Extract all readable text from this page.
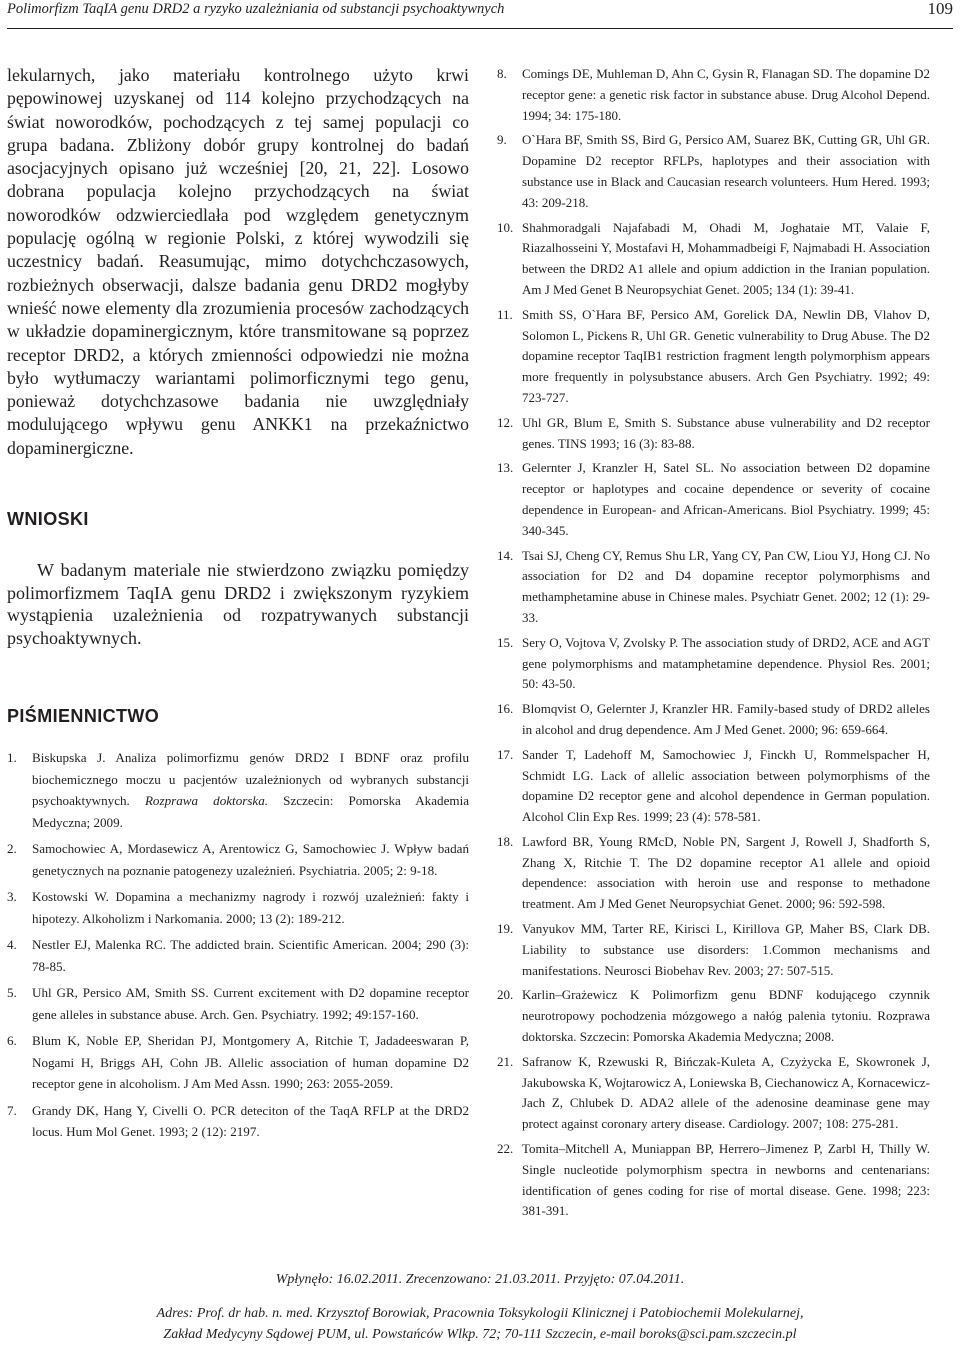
Polimorfizm TaqIA genu DRD2 a ryzyko uzależniania od substancji psychoaktywnych	109

lekularnych, jako materiału kontrolnego użyto krwi pępowinowej uzyskanej od 114 kolejno przychodzących na świat noworodków, pochodzących z tej samej populacji co grupa badana. Zbliżony dobór grupy kontrolnej do badań asocjacyjnych opisano już wcześniej [20, 21, 22]. Losowo dobrana populacja kolejno przychodzących na świat noworodków odzwierciedlała pod względem genetycznym populację ogólną w regionie Polski, z której wywodzili się uczestnicy badań. Reasumując, mimo dotychchczasowych, rozbieżnych obserwacji, dalsze badania genu DRD2 mogłyby wnieść nowe elementy dla zrozumienia procesów zachodzących w układzie dopaminergicznym, które transmitowane są poprzez receptor DRD2, a których zmienności odpowiedzi nie można było wytłumaczy wariantami polimorficznymi tego genu, ponieważ dotychchzasowe badania nie uwzględniały modulującego wpływu genu ANKK1 na przekaźnictwo dopaminergiczne.

WNIOSKI

W badanym materiale nie stwierdzono związku pomiędzy polimorfizmem TaqIA genu DRD2 i zwiększonym ryzykiem wystąpienia uzależnienia od rozpatrywanych substancji psychoaktywnych.

PIŚMIENNICTWO
1. Biskupska J. Analiza polimorfizmu genów DRD2 I BDNF oraz profilu biochemicznego moczu u pacjentów uzależnionych od wybranych substancji psychoaktywnych. Rozprawa doktorska. Szczecin: Pomorska Akademia Medyczna; 2009.
2. Samochowiec A, Mordasewicz A, Arentowicz G, Samochowiec J. Wpływ badań genetycznych na poznanie patogenezy uzależnień. Psychiatria. 2005; 2: 9-18.
3. Kostowski W. Dopamina a mechanizmy nagrody i rozwój uzależnień: fakty i hipotezy. Alkoholizm i Narkomania. 2000; 13 (2): 189-212.
4. Nestler EJ, Malenka RC. The addicted brain. Scientific American. 2004; 290 (3): 78-85.
5. Uhl GR, Persico AM, Smith SS. Current excitement with D2 dopamine receptor gene alleles in substance abuse. Arch. Gen. Psychiatry. 1992; 49:157-160.
6. Blum K, Noble EP, Sheridan PJ, Montgomery A, Ritchie T, Jadadeeswaran P, Nogami H, Briggs AH, Cohn JB. Allelic association of human dopamine D2 receptor gene in alcoholism. J Am Med Assn. 1990; 263: 2055-2059.
7. Grandy DK, Hang Y, Civelli O. PCR deteciton of the TaqA RFLP at the DRD2 locus. Hum Mol Genet. 1993; 2 (12): 2197.
8. Comings DE, Muhleman D, Ahn C, Gysin R, Flanagan SD. The dopamine D2 receptor gene: a genetic risk factor in substance abuse. Drug Alcohol Depend. 1994; 34: 175-180.
9. O`Hara BF, Smith SS, Bird G, Persico AM, Suarez BK, Cutting GR, Uhl GR. Dopamine D2 receptor RFLPs, haplotypes and their association with substance use in Black and Caucasian research volunteers. Hum Hered. 1993; 43: 209-218.
10. Shahmoradgali Najafabadi M, Ohadi M, Joghataie MT, Valaie F, Riazalhosseini Y, Mostafavi H, Mohammadbeigi F, Najmabadi H. Association between the DRD2 A1 allele and opium addiction in the Iranian population. Am J Med Genet B Neuropsychiat Genet. 2005; 134 (1): 39-41.
11. Smith SS, O`Hara BF, Persico AM, Gorelick DA, Newlin DB, Vlahov D, Solomon L, Pickens R, Uhl GR. Genetic vulnerability to Drug Abuse. The D2 dopamine receptor TaqIB1 restriction fragment length polymorphism appears more frequently in polysubstance abusers. Arch Gen Psychiatry. 1992; 49: 723-727.
12. Uhl GR, Blum E, Smith S. Substance abuse vulnerability and D2 receptor genes. TINS 1993; 16 (3): 83-88.
13. Gelernter J, Kranzler H, Satel SL. No association between D2 dopamine receptor or haplotypes and cocaine dependence or severity of cocaine dependence in European- and African-Americans. Biol Psychiatry. 1999; 45: 340-345.
14. Tsai SJ, Cheng CY, Remus Shu LR, Yang CY, Pan CW, Liou YJ, Hong CJ. No association for D2 and D4 dopamine receptor polymorphisms and methamphetamine abuse in Chinese males. Psychiatr Genet. 2002; 12 (1): 29-33.
15. Sery O, Vojtova V, Zvolsky P. The association study of DRD2, ACE and AGT gene polymorphisms and matamphetamine dependence. Physiol Res. 2001; 50: 43-50.
16. Blomqvist O, Gelernter J, Kranzler HR. Family-based study of DRD2 alleles in alcohol and drug dependence. Am J Med Genet. 2000; 96: 659-664.
17. Sander T, Ladehoff M, Samochowiec J, Finckh U, Rommelspacher H, Schmidt LG. Lack of allelic association between polymorphisms of the dopamine D2 receptor gene and alcohol dependence in German population. Alcohol Clin Exp Res. 1999; 23 (4): 578-581.
18. Lawford BR, Young RMcD, Noble PN, Sargent J, Rowell J, Shadforth S, Zhang X, Ritchie T. The D2 dopamine receptor A1 allele and opioid dependence: association with heroin use and response to methadone treatment. Am J Med Genet Neuropsychiat Genet. 2000; 96: 592-598.
19. Vanyukov MM, Tarter RE, Kirisci L, Kirillova GP, Maher BS, Clark DB. Liability to substance use disorders: 1.Common mechanisms and manifestations. Neurosci Biobehav Rev. 2003; 27: 507-515.
20. Karlin–Grażewicz K Polimorfizm genu BDNF kodującego czynnik neurotropowy pochodzenia mózgowego a nałóg palenia tytoniu. Rozprawa doktorska. Szczecin: Pomorska Akademia Medyczna; 2008.
21. Safranow K, Rzewuski R, Bińczak-Kuleta A, Czyżycka E, Skowronek J, Jakubowska K, Wojtarowicz A, Loniewska B, Ciechanowicz A, Kornacewicz-Jach Z, Chlubek D. ADA2 allele of the adenosine deaminase gene may protect against coronary artery disease. Cardiology. 2007; 108: 275-281.
22. Tomita–Mitchell A, Muniappan BP, Herrero–Jimenez P, Zarbl H, Thilly W. Single nucleotide polymorphism spectra in newborns and centenarians: identification of genes coding for rise of mortal disease. Gene. 1998; 223: 381-391.
Wpłynęło: 16.02.2011. Zrecenzowano: 21.03.2011. Przyjęto: 07.04.2011.
Adres: Prof. dr hab. n. med. Krzysztof Borowiak, Pracownia Toksykologii Klinicznej i Patobiochemii Molekularnej,
Zakład Medycyny Sądowej PUM, ul. Powstańców Wlkp. 72; 70-111 Szczecin, e-mail boroks@sci.pam.szczecin.pl
